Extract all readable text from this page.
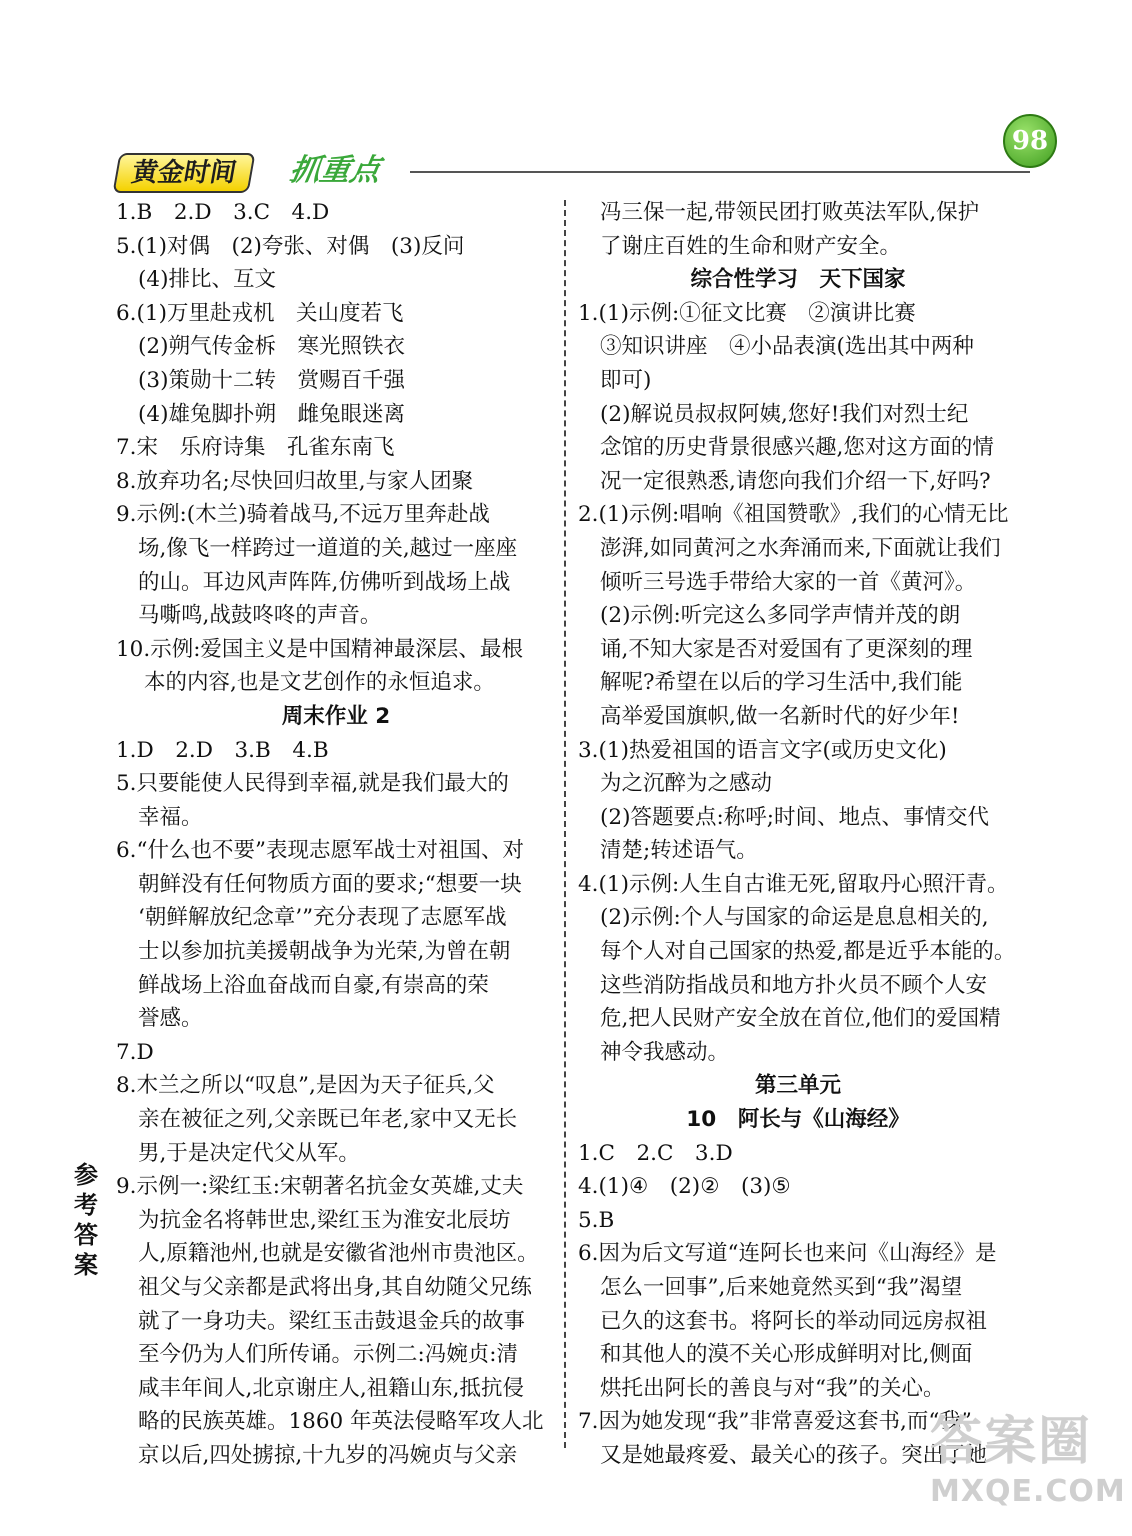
黄金时间	抓重点
98
1.B　2.D　3.C　4.D
5.(1)对偶　(2)夸张、对偶　(3)反问
(4)排比、互文
6.(1)万里赴戎机　关山度若飞
(2)朔气传金柝　寒光照铁衣
(3)策勋十二转　赏赐百千强
(4)雄兔脚扑朔　雌兔眼迷离
7.宋　乐府诗集　孔雀东南飞
8.放弃功名;尽快回归故里,与家人团聚
9.示例:(木兰)骑着战马,不远万里奔赴战
场,像飞一样跨过一道道的关,越过一座座
的山。耳边风声阵阵,仿佛听到战场上战
马嘶鸣,战鼓咚咚的声音。
10.示例:爱国主义是中国精神最深层、最根
本的内容,也是文艺创作的永恒追求。
周末作业 2
1.D　2.D　3.B　4.B
5.只要能使人民得到幸福,就是我们最大的
幸福。
6.“什么也不要”表现志愿军战士对祖国、对
朝鲜没有任何物质方面的要求;“想要一块
‘朝鲜解放纪念章’”充分表现了志愿军战
士以参加抗美援朝战争为光荣,为曾在朝
鲜战场上浴血奋战而自豪,有崇高的荣
誉感。
7.D
8.木兰之所以“叹息”,是因为天子征兵,父
亲在被征之列,父亲既已年老,家中又无长
男,于是决定代父从军。
9.示例一:梁红玉:宋朝著名抗金女英雄,丈夫
为抗金名将韩世忠,梁红玉为淮安北辰坊
人,原籍池州,也就是安徽省池州市贵池区。
祖父与父亲都是武将出身,其自幼随父兄练
就了一身功夫。梁红玉击鼓退金兵的故事
至今仍为人们所传诵。示例二:冯婉贞:清
咸丰年间人,北京谢庄人,祖籍山东,抵抗侵
略的民族英雄。1860 年英法侵略军攻人北
京以后,四处掳掠,十九岁的冯婉贞与父亲
冯三保一起,带领民团打败英法军队,保护
了谢庄百姓的生命和财产安全。
综合性学习　天下国家
1.(1)示例:①征文比赛　②演讲比赛
③知识讲座　④小品表演(选出其中两种
即可)
(2)解说员叔叔阿姨,您好!我们对烈士纪
念馆的历史背景很感兴趣,您对这方面的情
况一定很熟悉,请您向我们介绍一下,好吗?
2.(1)示例:唱响《祖国赞歌》,我们的心情无比
澎湃,如同黄河之水奔涌而来,下面就让我们
倾听三号选手带给大家的一首《黄河》。
(2)示例:听完这么多同学声情并茂的朗
诵,不知大家是否对爱国有了更深刻的理
解呢?希望在以后的学习生活中,我们能
高举爱国旗帜,做一名新时代的好少年!
3.(1)热爱祖国的语言文字(或历史文化)
为之沉醉为之感动
(2)答题要点:称呼;时间、地点、事情交代
清楚;转述语气。
4.(1)示例:人生自古谁无死,留取丹心照汗青。
(2)示例:个人与国家的命运是息息相关的,
每个人对自己国家的热爱,都是近乎本能的。
这些消防指战员和地方扑火员不顾个人安
危,把人民财产安全放在首位,他们的爱国精
神令我感动。
第三单元
10　阿长与《山海经》
1.C　2.C　3.D
4.(1)④　(2)②　(3)⑤
5.B
6.因为后文写道“连阿长也来问《山海经》是
怎么一回事”,后来她竟然买到“我”渴望
已久的这套书。将阿长的举动同远房叔祖
和其他人的漠不关心形成鲜明对比,侧面
烘托出阿长的善良与对“我”的关心。
7.因为她发现“我”非常喜爱这套书,而“我”
又是她最疼爱、最关心的孩子。突出了她
参考答案
答案圈
MXQE.COM
